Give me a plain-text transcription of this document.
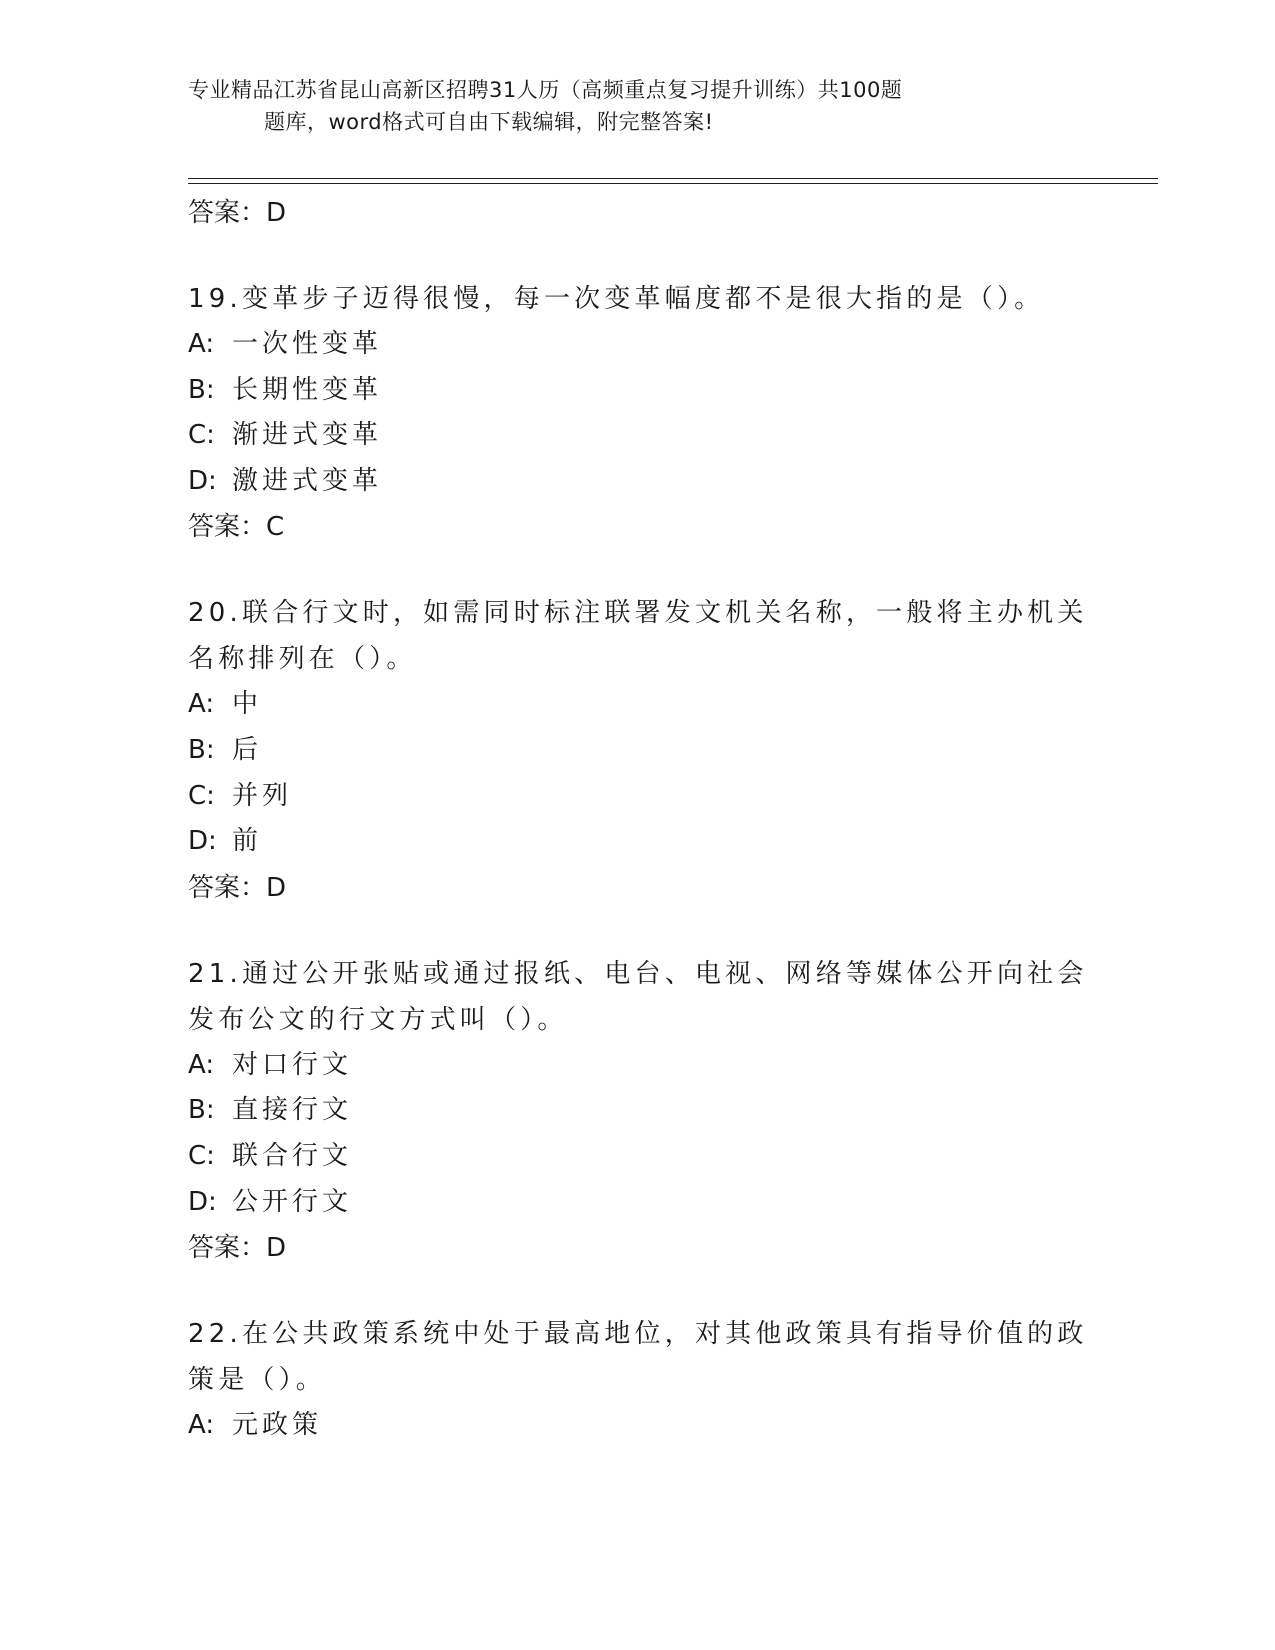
专业精品江苏省昆山高新区招聘31人历（高频重点复习提升训练）共100题
题库，word格式可自由下载编辑，附完整答案!
答案：D
19.变革步子迈得很慢，每一次变革幅度都不是很大指的是（）。
A: 一次性变革
B: 长期性变革
C: 渐进式变革
D: 激进式变革
答案：C
20.联合行文时，如需同时标注联署发文机关名称，一般将主办机关名称排列在（）。
A: 中
B: 后
C: 并列
D: 前
答案：D
21.通过公开张贴或通过报纸、电台、电视、网络等媒体公开向社会发布公文的行文方式叫（）。
A: 对口行文
B: 直接行文
C: 联合行文
D: 公开行文
答案：D
22.在公共政策系统中处于最高地位，对其他政策具有指导价值的政策是（）。
A: 元政策
